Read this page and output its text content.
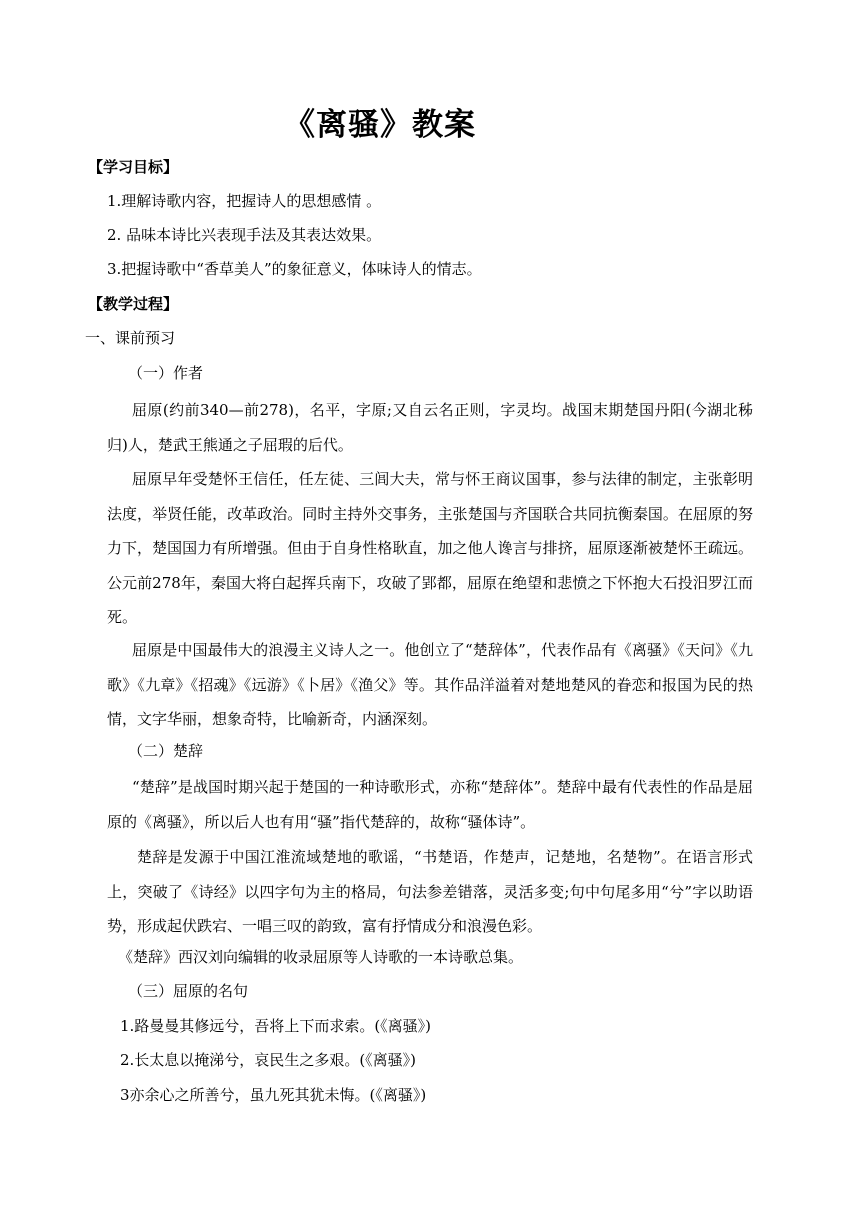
《离骚》教案
【学习目标】
1.理解诗歌内容，把握诗人的思想感情 。
2. 品味本诗比兴表现手法及其表达效果。
3.把握诗歌中“香草美人”的象征意义，体味诗人的情志。
【教学过程】
一、课前预习
（一）作者
屈原(约前340—前278)，名平，字原;又自云名正则，字灵均。战国末期楚国丹阳(今湖北秭归)人，楚武王熊通之子屈瑕的后代。
屈原早年受楚怀王信任，任左徒、三闾大夫，常与怀王商议国事，参与法律的制定，主张彰明法度，举贤任能，改革政治。同时主持外交事务，主张楚国与齐国联合共同抗衡秦国。在屈原的努力下，楚国国力有所增强。但由于自身性格耿直，加之他人谗言与排挤，屈原逐渐被楚怀王疏远。公元前278年，秦国大将白起挥兵南下，攻破了郢都，屈原在绝望和悲愤之下怀抱大石投汨罗江而死。
屈原是中国最伟大的浪漫主义诗人之一。他创立了“楚辞体”，代表作品有《离骚》《天问》《九歌》《九章》《招魂》《远游》《卜居》《渔父》等。其作品洋溢着对楚地楚风的眷恋和报国为民的热情，文字华丽，想象奇特，比喻新奇，内涵深刻。
（二）楚辞
“楚辞”是战国时期兴起于楚国的一种诗歌形式，亦称“楚辞体”。楚辞中最有代表性的作品是屈原的《离骚》，所以后人也有用“骚”指代楚辞的，故称“骚体诗”。
楚辞是发源于中国江淮流域楚地的歌谣，“书楚语，作楚声，记楚地，名楚物”。在语言形式上，突破了《诗经》以四字句为主的格局，句法参差错落，灵活多变;句中句尾多用“兮”字以助语势，形成起伏跌宕、一唱三叹的韵致，富有抒情成分和浪漫色彩。
《楚辞》西汉刘向编辑的收录屈原等人诗歌的一本诗歌总集。
（三）屈原的名句
1.路曼曼其修远兮，吾将上下而求索。(《离骚》)
2.长太息以掩涕兮，哀民生之多艰。(《离骚》)
3亦余心之所善兮，虽九死其犹未悔。(《离骚》)
